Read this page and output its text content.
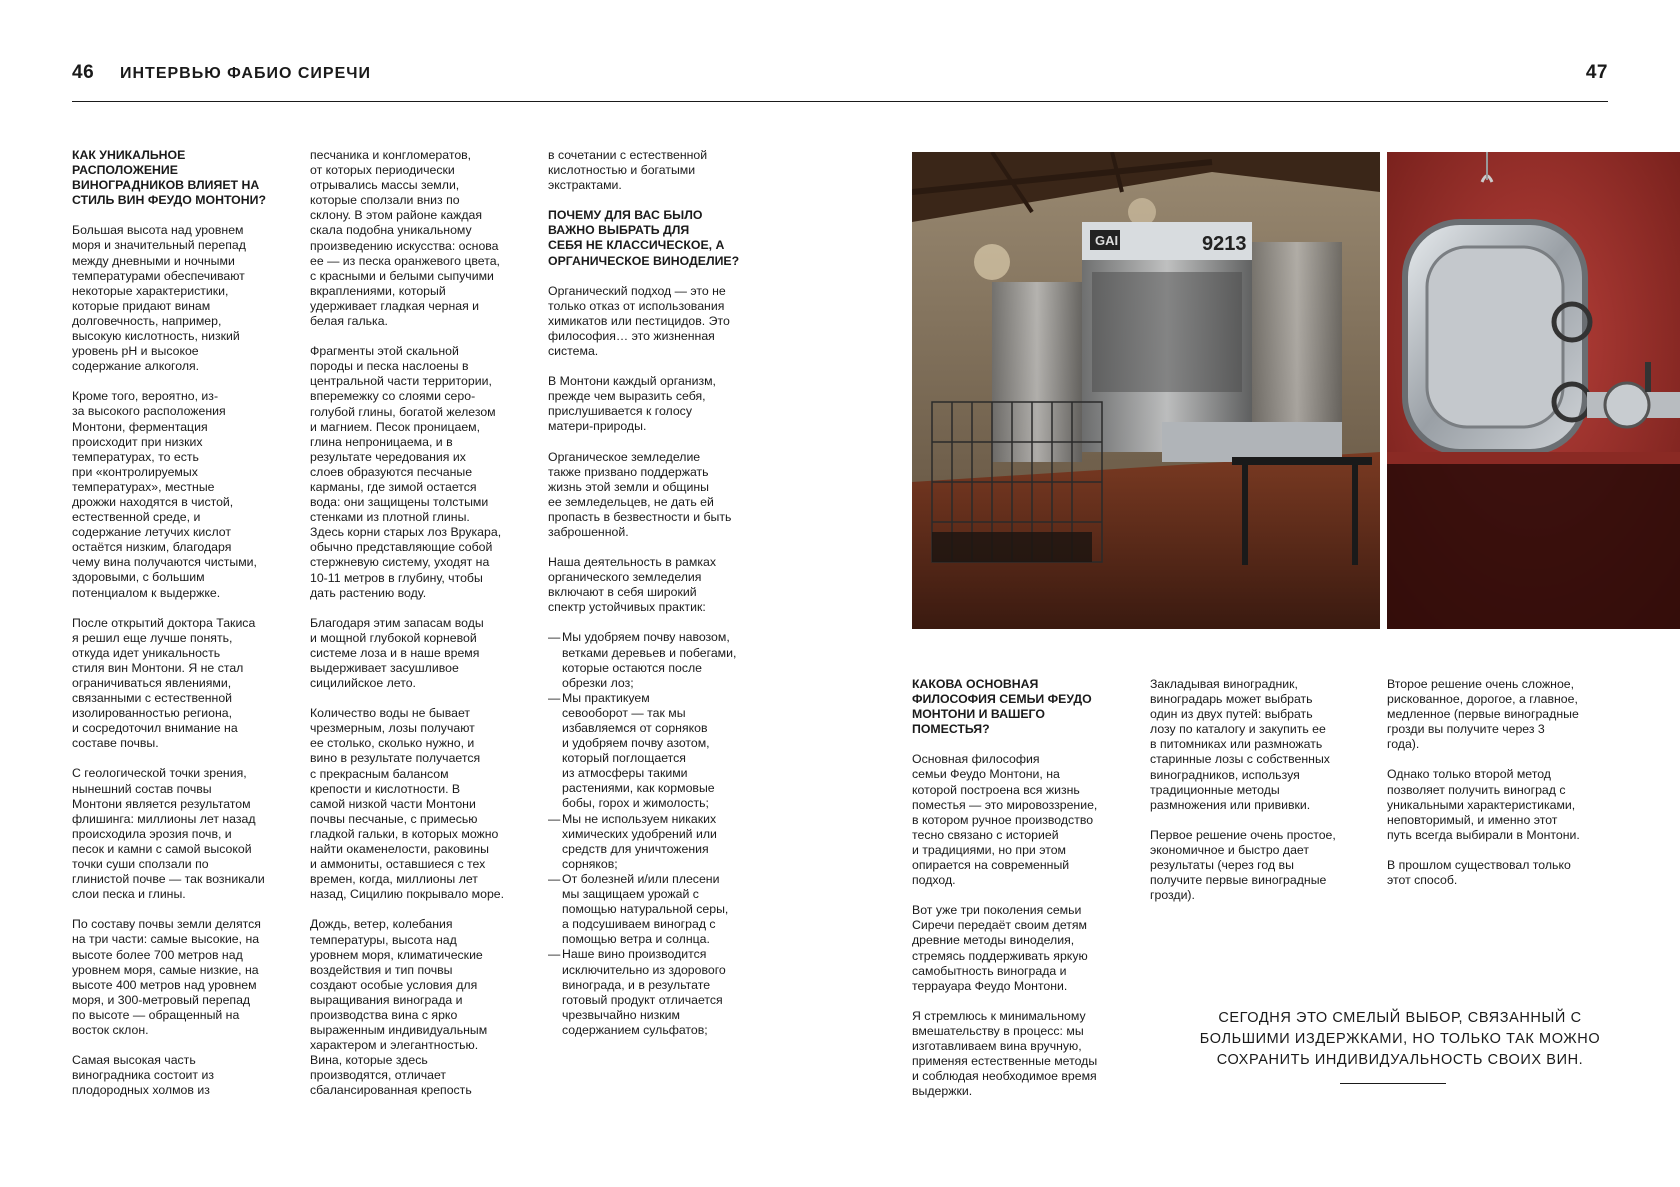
46 ИНТЕРВЬЮ ФАБИО СИРЕЧИ	47
КАК УНИКАЛЬНОЕ
РАСПОЛОЖЕНИЕ
ВИНОГРАДНИКОВ ВЛИЯЕТ НА
СТИЛЬ ВИН ФЕУДО МОНТОНИ?

Большая высота над уровнем
моря и значительный перепад
между дневными и ночными
температурами обеспечивают
некоторые характеристики,
которые придают винам
долговечность, например,
высокую кислотность, низкий
уровень pH и высокое
содержание алкоголя.

Кроме того, вероятно, из-
за высокого расположения
Монтони, ферментация
происходит при низких
температурах, то есть
при «контролируемых
температурах», местные
дрожжи находятся в чистой,
естественной среде, и
содержание летучих кислот
остаётся низким, благодаря
чему вина получаются чистыми,
здоровыми, с большим
потенциалом к выдержке.

После открытий доктора Такиса
я решил еще лучше понять,
откуда идет уникальность
стиля вин Монтони. Я не стал
ограничиваться явлениями,
связанными с естественной
изолированностью региона,
и сосредоточил внимание на
составе почвы.

С геологической точки зрения,
нынешний состав почвы
Монтони является результатом
флишинга: миллионы лет назад
происходила эрозия почв, и
песок и камни с самой высокой
точки суши сползали по
глинистой почве — так возникали
слои песка и глины.

По составу почвы земли делятся
на три части: самые высокие, на
высоте более 700 метров над
уровнем моря, самые низкие, на
высоте 400 метров над уровнем
моря, и 300-метровый перепад
по высоте — обращенный на
восток склон.

Самая высокая часть
виноградника состоит из
плодородных холмов из

песчаника и конгломератов,
от которых периодически
отрывались массы земли,
которые сползали вниз по
склону. В этом районе каждая
скала подобна уникальному
произведению искусства: основа
ее — из песка оранжевого цвета,
с красными и белыми сыпучими
вкраплениями, который
удерживает гладкая черная и
белая галька.

Фрагменты этой скальной
породы и песка наслоены в
центральной части территории,
вперемежку со слоями серо-
голубой глины, богатой железом
и магнием. Песок проницаем,
глина непроницаема, и в
результате чередования их
слоев образуются песчаные
карманы, где зимой остается
вода: они защищены толстыми
стенками из плотной глины.
Здесь корни старых лоз Врукара,
обычно представляющие собой
стержневую систему, уходят на
10-11 метров в глубину, чтобы
дать растению воду.

Благодаря этим запасам воды
и мощной глубокой корневой
системе лоза и в наше время
выдерживает засушливое
сицилийское лето.

Количество воды не бывает
чрезмерным, лозы получают
ее столько, сколько нужно, и
вино в результате получается
с прекрасным балансом
крепости и кислотности. В
самой низкой части Монтони
почвы песчаные, с примесью
гладкой гальки, в которых можно
найти окаменелости, раковины
и аммониты, оставшиеся с тех
времен, когда, миллионы лет
назад, Сицилию покрывало море.

Дождь, ветер, колебания
температуры, высота над
уровнем моря, климатические
воздействия и тип почвы
создают особые условия для
выращивания винограда и
производства вина с ярко
выраженным индивидуальным
характером и элегантностью.
Вина, которые здесь
производятся, отличает
сбалансированная крепость

в сочетании с естественной
кислотностью и богатыми
экстрактами.

ПОЧЕМУ ДЛЯ ВАС БЫЛО
ВАЖНО ВЫБРАТЬ ДЛЯ
СЕБЯ НЕ КЛАССИЧЕСКОЕ, А
ОРГАНИЧЕСКОЕ ВИНОДЕЛИЕ?

Органический подход — это не
только отказ от использования
химикатов или пестицидов. Это
философия… это жизненная
система.

В Монтони каждый организм,
прежде чем выразить себя,
прислушивается к голосу
матери-природы.

Органическое земледелие
также призвано поддержать
жизнь этой земли и общины
ее земледельцев, не дать ей
пропасть в безвестности и быть
заброшенной.

Наша деятельность в рамках
органического земледелия
включают в себя широкий
спектр устойчивых практик:

— Мы удобряем почву навозом,
ветками деревьев и побегами,
которые остаются после
обрезки лоз;
— Мы практикуем
севооборот — так мы
избавляемся от сорняков
и удобряем почву азотом,
который поглощается
из атмосферы такими
растениями, как кормовые
бобы, горох и жимолость;
— Мы не используем никаких
химических удобрений или
средств для уничтожения
сорняков;
— От болезней и/или плесени
мы защищаем урожай с
помощью натуральной серы,
а подсушиваем виноград с
помощью ветра и солнца.
— Наше вино производится
исключительно из здорового
винограда, и в результате
готовый продукт отличается
чрезвычайно низким
содержанием сульфатов;
GAI	9213
КАКОВА ОСНОВНАЯ
ФИЛОСОФИЯ СЕМЬИ ФЕУДО
МОНТОНИ И ВАШЕГО
ПОМЕСТЬЯ?

Основная философия
семьи Феудо Монтони, на
которой построена вся жизнь
поместья — это мировоззрение,
в котором ручное производство
тесно связано с историей
и традициями, но при этом
опирается на современный
подход.

Вот уже три поколения семьи
Сиречи передаёт своим детям
древние методы виноделия,
стремясь поддерживать яркую
самобытность винограда и
террауара Феудо Монтони.

Я стремлюсь к минимальному
вмешательству в процесс: мы
изготавливаем вина вручную,
применяя естественные методы
и соблюдая необходимое время
выдержки.

Закладывая виноградник,
виноградарь может выбрать
один из двух путей: выбрать
лозу по каталогу и закупить ее
в питомниках или размножать
старинные лозы с собственных
виноградников, используя
традиционные методы
размножения или прививки.

Первое решение очень простое,
экономичное и быстро дает
результаты (через год вы
получите первые виноградные
грозди).

Второе решение очень сложное,
рискованное, дорогое, а главное,
медленное (первые виноградные
грозди вы получите через 3
года).

Однако только второй метод
позволяет получить виноград с
уникальными характеристиками,
неповторимый, и именно этот
путь всегда выбирали в Монтони.

В прошлом существовал только
этот способ.

СЕГОДНЯ ЭТО СМЕЛЫЙ ВЫБОР, СВЯЗАННЫЙ С
БОЛЬШИМИ ИЗДЕРЖКАМИ, НО ТОЛЬКО ТАК МОЖНО
СОХРАНИТЬ ИНДИВИДУАЛЬНОСТЬ СВОИХ ВИН.
